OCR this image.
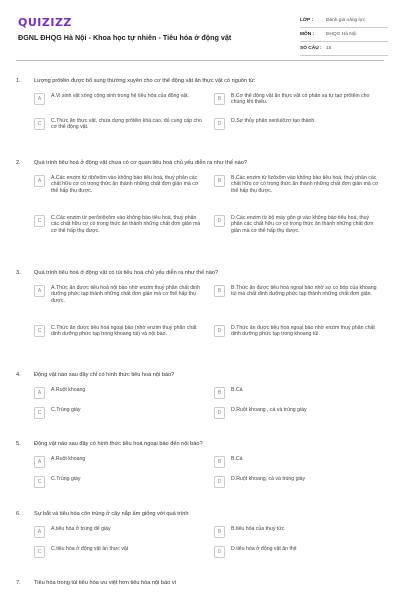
QUIZIZZ
ĐGNL ĐHQG Hà Nội - Khoa học tự nhiên - Tiêu hóa ở động vật
LỚP :	Đánh giá năng lực
MÔN :	ĐHQG Hà Nội
SỐ CÂU : 15
1.	Lượng prôtêin được bổ sung thường xuyên cho cơ thể động vật ăn thực vật có nguồn từ:
A	A.Vi sinh vật sống cộng sinh trong hệ tiêu hóa của động vật.	B	B.Cơ thể động vật ăn thực vật có phản xạ tự tạo prôtêin cho chúng khi thiếu.
C	C.Thức ăn thực vật, chứa dựng prôtêin khá cao, đủ cung cấp cho cơ thể động vật.
D	D.Sự thủy phân xenlulôzơ tạo thành.
2.	Quá trình tiêu hoá ở động vật chưa có cơ quan tiêu hoá chủ yếu diễn ra như thế nào?
A	A.Các enzim từ ribôxôm vào không bào tiêu hoá, thuỷ phân các chất hữu cơ có trong thức ăn thành những chất đơn giản mà cơ thể hấp thụ được.
B	B.Các enzim từ lizôxôm vào không bào tiêu hoá, thuỷ phân các chất hữu cơ có trong thức ăn thành những chất đơn giản mà cơ thể hấp thụ được.
C	C.Các enzim từ perôxiôxôm vào không bào tiêu hoá, thuỷ phân các chất hữu cơ có trong thức ăn thành những chất đơn giản mà cơ thể hấp thụ được.
D	D.Các enzim từ bộ máy gôn gi vào không bào tiêu hoá, thuỷ phân các chất hữu cơ có trong thức ăn thành những chất đơn giản mà cơ thể hấp thụ được.
3.	Quá trình tiêu hoá ở động vật có túi tiêu hoá chủ yếu diễn ra như thế nào?
A	A.Thức ăn được tiêu hoá nội bào nhờ enzim thuỷ phân chất dinh dưỡng phức tạp thành những chất đơn giản mà cơ thể hấp thụ được.
B	B.Thức ăn được tiêu hoá ngoại bào nhờ sự co bóp của khoang túi mà chất dinh dưỡng phức tạp thành những chất đơn giản.
C	C.Thức ăn được tiêu hoá ngoại bào (nhờ enzim thuỷ phân chất dinh dưỡng phức tạp trong khoang túi) và nội bào.
D	D.Thức ăn được tiêu hoá ngoại bào nhờ enzim thuỷ phân chất dinh dưỡng phức tạp trong khoang túi.
4.	Động vật nào sau đây chỉ có hình thức tiêu hoá nội bào?
A	A.Ruột khoang	B	B.Cá
C	C.Trùng giày	D	D.Ruột khoang , cá và trùng giày
5.	Động vật nào sau đây có hình thức tiêu hoá ngoại bào đến nội bào?
A	A.Ruột khoang	B	B.Cá
C	C.Trùng giày	D	D.Ruột khoang, cá và trùng giày
6.	Sự bắt và tiêu hóa côn trùng ở cây nắp ấm giống với quá trình
A	A.tiêu hóa ở trùng đế giày	B	B.tiêu hóa của thuỷ tức
C	C.tiêu hóa ở động vật ăn thực vật	D	D.tiêu hóa ở động vật ăn thịt
7.	Tiêu hóa trong túi tiêu hóa ưu việt hơn tiêu hóa nội bào vì
